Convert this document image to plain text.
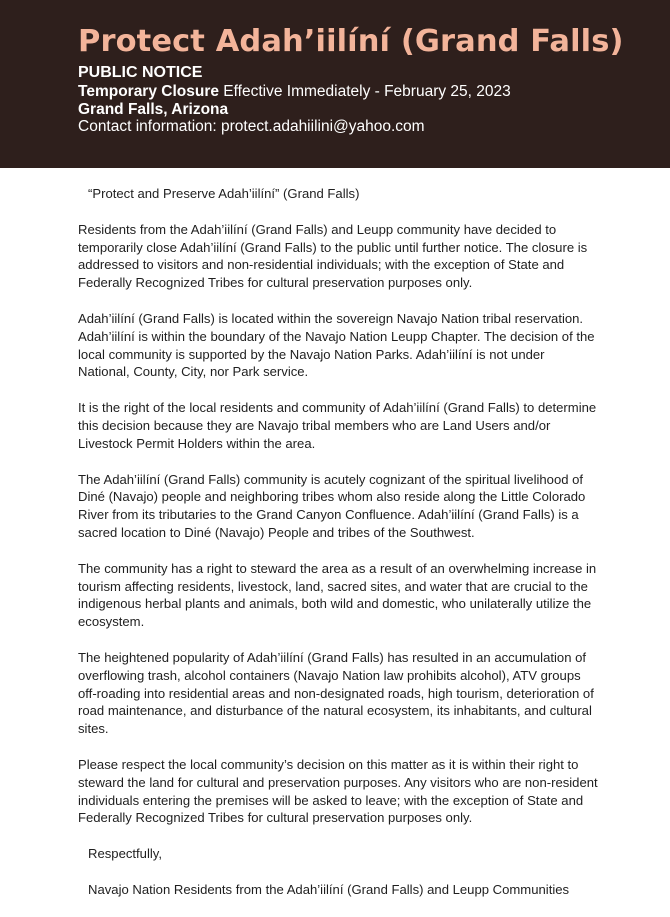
Protect Adah’iilíní (Grand Falls)
PUBLIC NOTICE
Temporary Closure Effective Immediately - February 25, 2023
Grand Falls, Arizona
Contact information: protect.adahiilini@yahoo.com

“Protect and Preserve Adah’iilíní” (Grand Falls)

Residents from the Adah’iilíní (Grand Falls) and Leupp community have decided to temporarily close Adah’iilíní (Grand Falls) to the public until further notice. The closure is addressed to visitors and non-residential individuals; with the exception of State and Federally Recognized Tribes for cultural preservation purposes only.

Adah’iilíní (Grand Falls) is located within the sovereign Navajo Nation tribal reservation. Adah’iilíní is within the boundary of the Navajo Nation Leupp Chapter. The decision of the local community is supported by the Navajo Nation Parks. Adah’iilíní is not under National, County, City, nor Park service.

It is the right of the local residents and community of Adah’iilíní (Grand Falls) to determine this decision because they are Navajo tribal members who are Land Users and/or Livestock Permit Holders within the area.

The Adah’iilíní (Grand Falls) community is acutely cognizant of the spiritual livelihood of Diné (Navajo) people and neighboring tribes whom also reside along the Little Colorado River from its tributaries to the Grand Canyon Confluence. Adah’iilíní (Grand Falls) is a sacred location to Diné (Navajo) People and tribes of the Southwest.

The community has a right to steward the area as a result of an overwhelming increase in tourism affecting residents, livestock, land, sacred sites, and water that are crucial to the indigenous herbal plants and animals, both wild and domestic, who unilaterally utilize the ecosystem.

The heightened popularity of Adah’iilíní (Grand Falls) has resulted in an accumulation of overflowing trash, alcohol containers (Navajo Nation law prohibits alcohol), ATV groups off-roading into residential areas and non-designated roads, high tourism, deterioration of road maintenance, and disturbance of the natural ecosystem, its inhabitants, and cultural sites.

Please respect the local community’s decision on this matter as it is within their right to steward the land for cultural and preservation purposes. Any visitors who are non-resident individuals entering the premises will be asked to leave; with the exception of State and Federally Recognized Tribes for cultural preservation purposes only.

Respectfully,

Navajo Nation Residents from the Adah’iilíní (Grand Falls) and Leupp Communities
